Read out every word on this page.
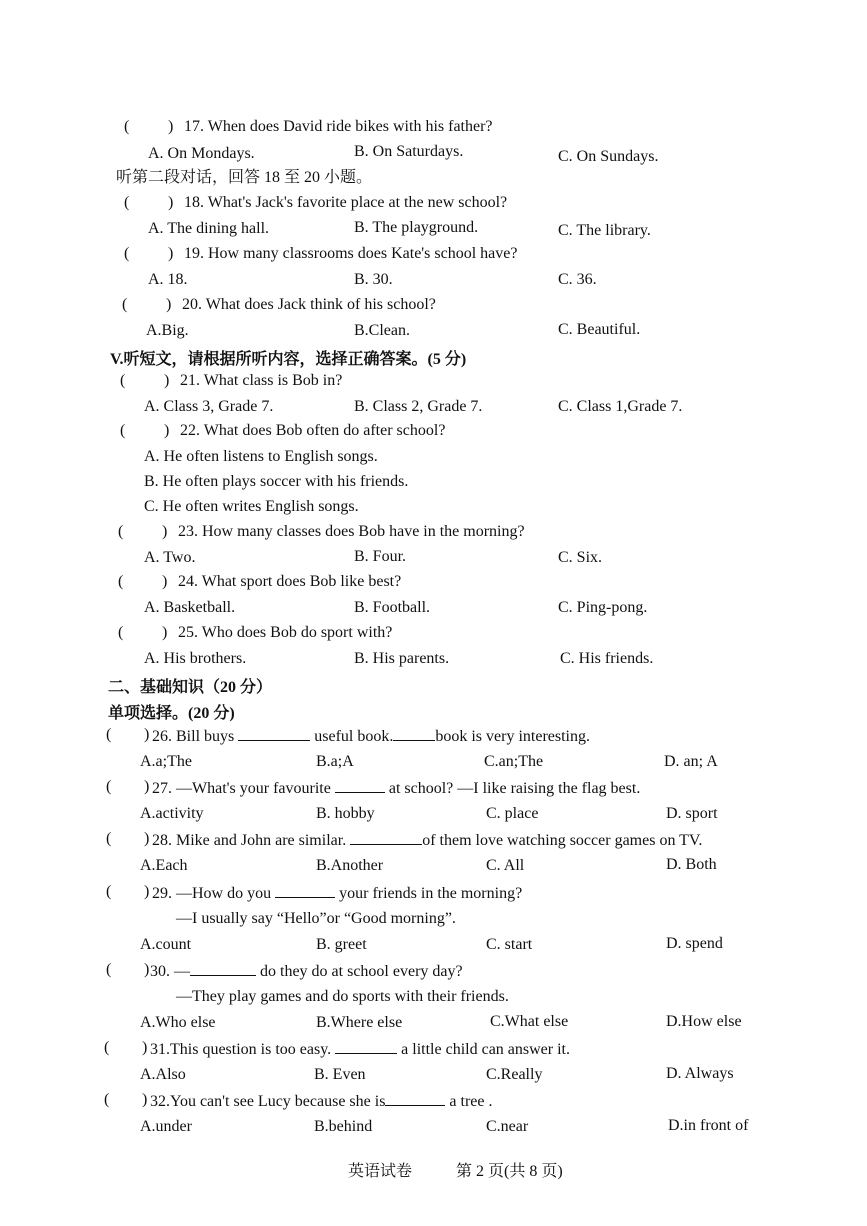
( ) 17. When does David ride bikes with his father?
A. On Mondays.	B. On Saturdays.	C. On Sundays.
听第二段对话，回答 18 至 20 小题。
( ) 18. What's Jack's favorite place at the new school?
A. The dining hall.	B. The playground.	C. The library.
( ) 19. How many classrooms does Kate's school have?
A. 18.	B. 30.	C. 36.
( ) 20. What does Jack think of his school?
A.Big.	B.Clean.	C. Beautiful.
V.听短文，请根据所听内容，选择正确答案。(5 分)
( ) 21. What class is Bob in?
A. Class 3, Grade 7.	B. Class 2, Grade 7.	C. Class 1,Grade 7.
( ) 22. What does Bob often do after school?
A. He often listens to English songs.
B. He often plays soccer with his friends.
C. He often writes English songs.
( ) 23. How many classes does Bob have in the morning?
A. Two.	B. Four.	C. Six.
( ) 24. What sport does Bob like best?
A. Basketball.	B. Football.	C. Ping-pong.
( ) 25. Who does Bob do sport with?
A. His brothers.	B. His parents.	C. His friends.
二、基础知识（20 分）
单项选择。(20 分)
( ) 26. Bill buys	useful book.	book is very interesting.
A.a;The	B.a;A	C.an;The	D. an; A
( ) 27. —What's your favourite	at school? —I like raising the flag best.
A.activity	B. hobby	C. place	D. sport
( ) 28. Mike and John are similar.	of them love watching soccer games on TV.
A.Each	B.Another	C. All	D. Both
( ) 29. —How do you	your friends in the morning?
—I usually say “Hello”or “Good morning”.
A.count	B. greet	C. start	D. spend
( ) 30. —	do they do at school every day?
—They play games and do sports with their friends.
A.Who else	B.Where else	C.What else	D.How else
( ) 31.This question is too easy.	a little child can answer it.
A.Also	B. Even	C.Really	D. Always
( ) 32.You can't see Lucy because she is	a tree .
A.under	B.behind	C.near	D.in front of
英语试卷	第 2 页(共 8 页)
